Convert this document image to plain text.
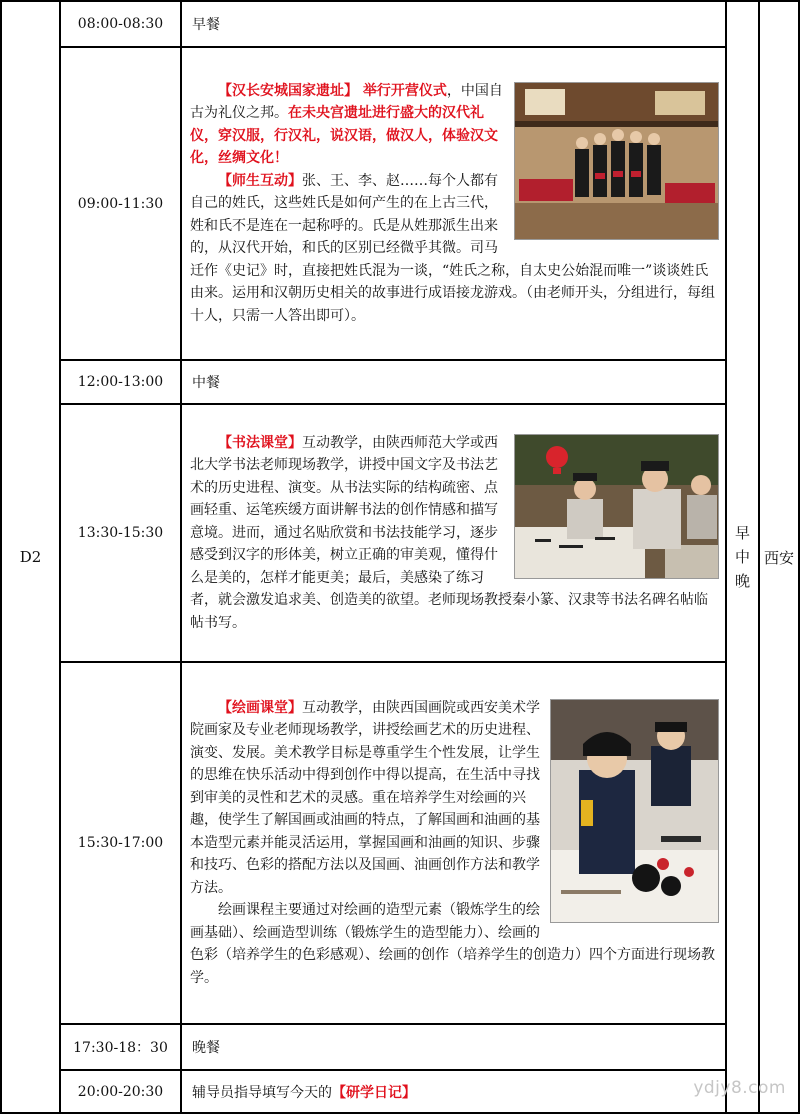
D2	08:00-08:30	早餐	早中晚	西安
	09:00-11:30	【汉长安城国家遗址】 举行开营仪式，中国自古为礼仪之邦。在未央宫遗址进行盛大的汉代礼仪，穿汉服，行汉礼，说汉语，做汉人，体验汉文化，丝绸文化！

【师生互动】张、王、李、赵……每个人都有自己的姓氏，这些姓氏是如何产生的在上古三代，姓和氏不是连在一起称呼的。氏是从姓那派生出来的，从汉代开始，和氏的区别已经微乎其微。司马迁作《史记》时，直接把姓氏混为一谈，“姓氏之称，自太史公始混而唯一”谈谈姓氏由来。运用和汉朝历史相关的故事进行成语接龙游戏。（由老师开头，分组进行，每组十人，只需一人答出即可）。		

	12:00-13:00	中餐		
	13:30-15:30	【书法课堂】互动教学，由陕西师范大学或西北大学书法老师现场教学，讲授中国文字及书法艺术的历史进程、演变。从书法实际的结构疏密、点画轻重、运笔疾缓方面讲解书法的创作情感和描写意境。进而，通过名贴欣赏和书法技能学习，逐步感受到汉字的形体美，树立正确的审美观，懂得什么是美的，怎样才能更美；最后，美感染了练习者，就会激发追求美、创造美的欲望。老师现场教授秦小篆、汉隶等书法名碑名帖临帖书写。		

	15:30-17:00	【绘画课堂】互动教学，由陕西国画院或西安美术学院画家及专业老师现场教学，讲授绘画艺术的历史进程、演变、发展。美术教学目标是尊重学生个性发展，让学生的思维在快乐活动中得到创作中得以提高，在生活中寻找到审美的灵性和艺术的灵感。重在培养学生对绘画的兴趣，使学生了解国画或油画的特点，了解国画和油画的基本造型元素并能灵活运用，掌握国画和油画的知识、步骤和技巧、色彩的搭配方法以及国画、油画创作方法和教学方法。

绘画课程主要通过对绘画的造型元素（锻炼学生的绘画基础）、绘画造型训练（锻炼学生的造型能力）、绘画的色彩（培养学生的色彩感观）、绘画的创作（培养学生的创造力）四个方面进行现场教学。		

	17:30-18：30	晚餐		
	20:00-20:30	辅导员指导填写今天的【研学日记】			ydjy8.com
